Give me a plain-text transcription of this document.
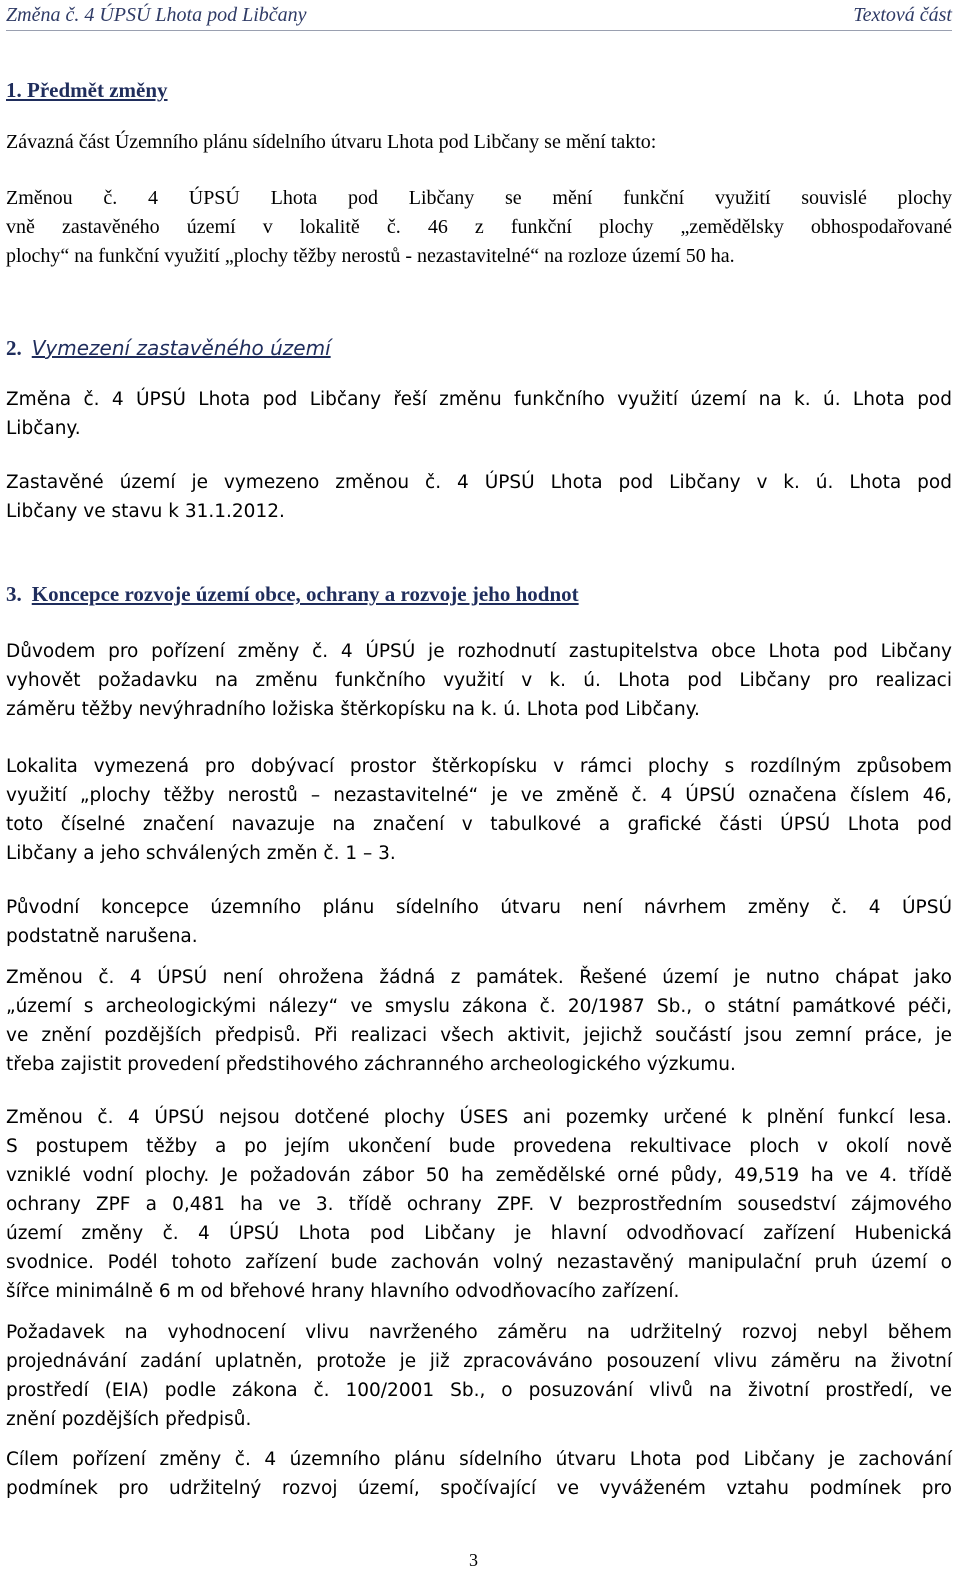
Změna č. 4 ÚPSÚ Lhota pod Libčany	Textová část
1. Předmět změny
Závazná část Územního plánu sídelního útvaru Lhota pod Libčany se mění takto:
Změnou č. 4 ÚPSÚ Lhota pod Libčany se mění funkční využití souvislé plochy
vně zastavěného území v lokalitě č. 46 z funkční plochy „zemědělsky obhospodařované
plochy“ na funkční využití „plochy těžby nerostů - nezastavitelné“ na rozloze území 50 ha.
2. Vymezení zastavěného území
Změna č. 4 ÚPSÚ Lhota pod Libčany řeší změnu funkčního využití území na k. ú. Lhota pod
Libčany.
Zastavěné území je vymezeno změnou č. 4 ÚPSÚ Lhota pod Libčany v k. ú. Lhota pod
Libčany ve stavu k 31.1.2012.
3. Koncepce rozvoje území obce, ochrany a rozvoje jeho hodnot
Důvodem pro pořízení změny č. 4 ÚPSÚ je rozhodnutí zastupitelstva obce Lhota pod Libčany
vyhovět požadavku na změnu funkčního využití v k. ú. Lhota pod Libčany pro realizaci
záměru těžby nevýhradního ložiska štěrkopísku na k. ú. Lhota pod Libčany.
Lokalita vymezená pro dobývací prostor štěrkopísku v rámci plochy s rozdílným způsobem
využití „plochy těžby nerostů – nezastavitelné“ je ve změně č. 4 ÚPSÚ označena číslem 46,
toto číselné značení navazuje na značení v tabulkové a grafické části ÚPSÚ Lhota pod
Libčany a jeho schválených změn č. 1 – 3.
Původní koncepce územního plánu sídelního útvaru není návrhem změny č. 4 ÚPSÚ
podstatně narušena.
Změnou č. 4 ÚPSÚ není ohrožena žádná z památek. Řešené území je nutno chápat jako
„území s archeologickými nálezy“ ve smyslu zákona č. 20/1987 Sb., o státní památkové péči,
ve znění pozdějších předpisů. Při realizaci všech aktivit, jejichž součástí jsou zemní práce, je
třeba zajistit provedení předstihového záchranného archeologického výzkumu.
Změnou č. 4 ÚPSÚ nejsou dotčené plochy ÚSES ani pozemky určené k plnění funkcí lesa.
S postupem těžby a po jejím ukončení bude provedena rekultivace ploch v okolí nově
vzniklé vodní plochy. Je požadován zábor 50 ha zemědělské orné půdy, 49,519 ha ve 4. třídě
ochrany ZPF a 0,481 ha ve 3. třídě ochrany ZPF. V bezprostředním sousedství zájmového
území změny č. 4 ÚPSÚ Lhota pod Libčany je hlavní odvodňovací zařízení Hubenická
svodnice. Podél tohoto zařízení bude zachován volný nezastavěný manipulační pruh území o
šířce minimálně 6 m od břehové hrany hlavního odvodňovacího zařízení.
Požadavek na vyhodnocení vlivu navrženého záměru na udržitelný rozvoj nebyl během
projednávání zadání uplatněn, protože je již zpracováváno posouzení vlivu záměru na životní
prostředí (EIA) podle zákona č. 100/2001 Sb., o posuzování vlivů na životní prostředí, ve
znění pozdějších předpisů.
Cílem pořízení změny č. 4 územního plánu sídelního útvaru Lhota pod Libčany je zachování
podmínek pro udržitelný rozvoj území, spočívající ve vyváženém vztahu podmínek pro
3
